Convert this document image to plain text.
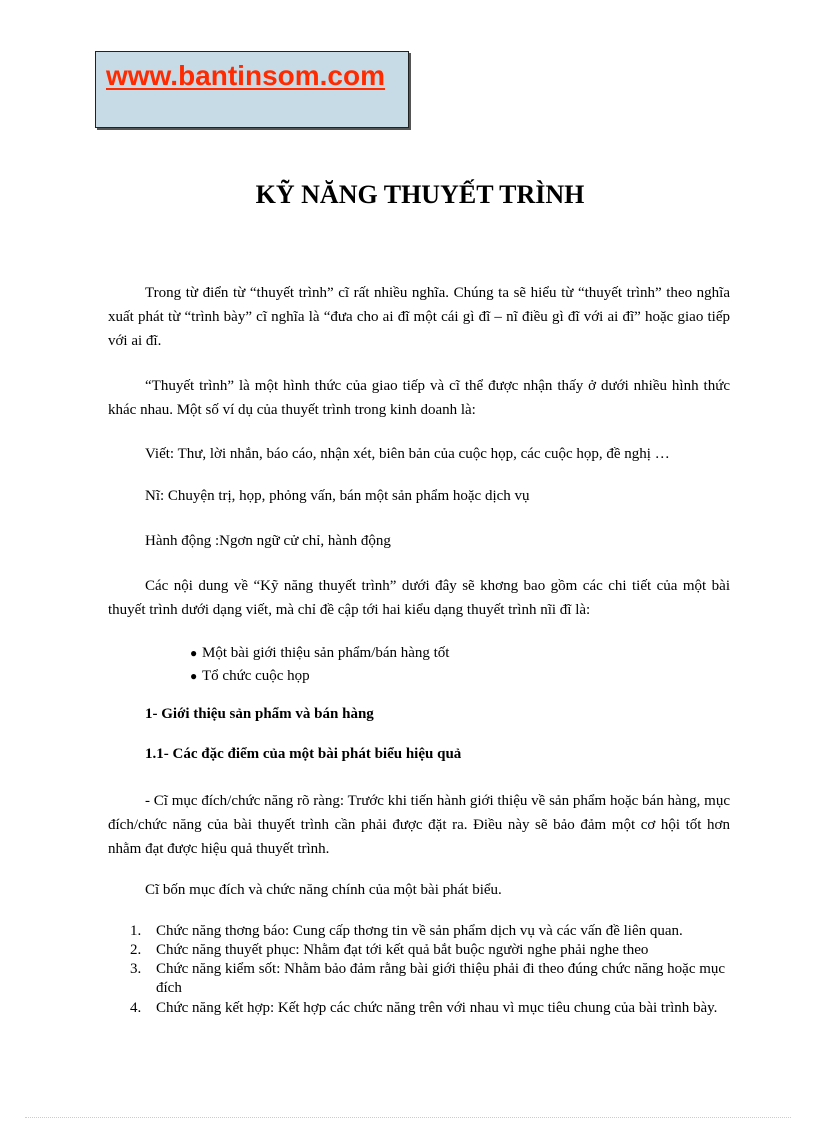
www.bantinsom.com
KỸ NĂNG THUYẾT TRÌNH
Trong từ điển từ “thuyết trình” cĩ rất nhiều nghĩa. Chúng ta sẽ hiểu từ “thuyết trình” theo nghĩa xuất phát từ “trình bày” cĩ nghĩa là “đưa cho ai đĩ một cái gì đĩ – nĩ điều gì đĩ với ai đĩ” hoặc giao tiếp với ai đĩ.
“Thuyết trình” là một hình thức của giao tiếp và cĩ thể được nhận thấy ở dưới nhiều hình thức khác nhau. Một số ví dụ của thuyết trình trong kinh doanh là:
Viết: Thư, lời nhắn, báo cáo, nhận xét, biên bản của cuộc họp, các cuộc họp, đề nghị …
Nĩ: Chuyện trị, họp, phỏng vấn, bán một sản phẩm hoặc dịch vụ
Hành động :Ngơn ngữ cử chỉ, hành động
Các nội dung về “Kỹ năng thuyết trình” dưới đây sẽ khơng bao gồm các chi tiết của một bài thuyết trình dưới dạng viết, mà chỉ đề cập tới hai kiểu dạng thuyết trình nĩi đĩ là:
● Một bài giới thiệu sản phẩm/bán hàng tốt
● Tổ chức cuộc họp
1- Giới thiệu sản phẩm và bán hàng
1.1- Các đặc điểm của một bài phát biểu hiệu quả
- Cĩ mục đích/chức năng rõ ràng: Trước khi tiến hành giới thiệu về sản phẩm hoặc bán hàng, mục đích/chức năng của bài thuyết trình cần phải được đặt ra. Điều này sẽ bảo đảm một cơ hội tốt hơn nhằm đạt được hiệu quả thuyết trình.
Cĩ bốn mục đích và chức năng chính của một bài phát biểu.
1. Chức năng thơng báo: Cung cấp thơng tin về sản phẩm dịch vụ và các vấn đề liên quan.
2. Chức năng thuyết phục: Nhằm đạt tới kết quả bắt buộc người nghe phải nghe theo
3. Chức năng kiểm sốt: Nhằm bảo đảm rằng bài giới thiệu phải đi theo đúng chức năng hoặc mục đích
4. Chức năng kết hợp: Kết hợp các chức năng trên với nhau vì mục tiêu chung của bài trình bày.
